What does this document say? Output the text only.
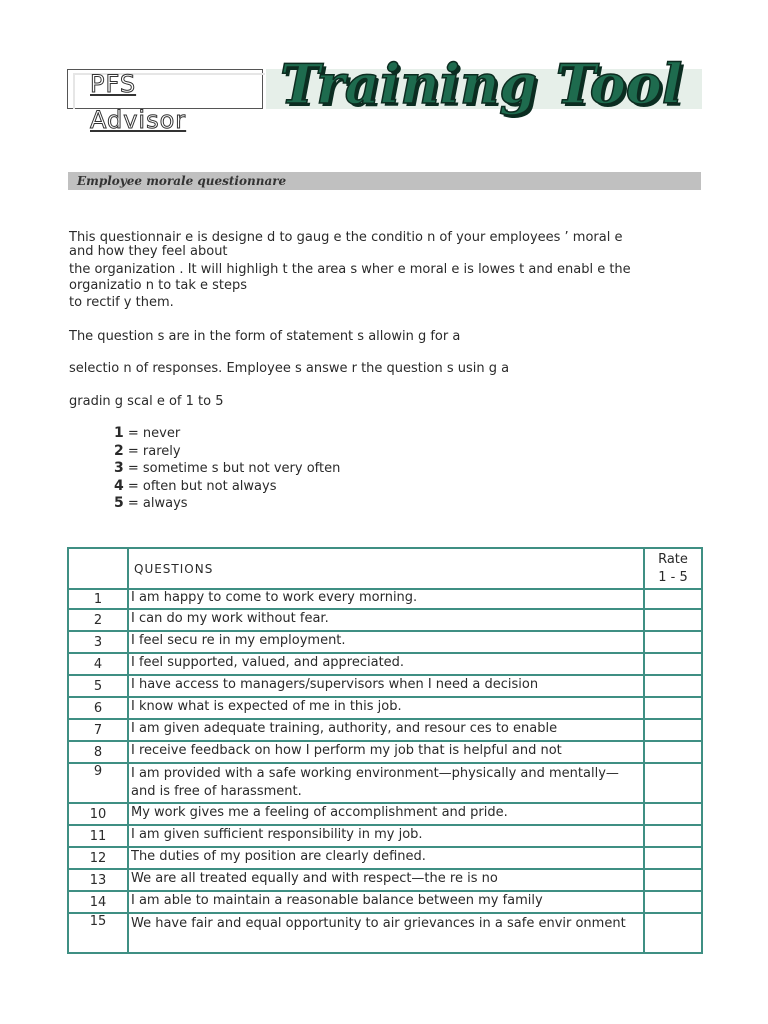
PFS
Advisor
Training Tool
Employee morale questionnare
This questionnair e is designe d to gaug e the conditio n of your employees ’ moral e
and how they feel about
the organization . It will highligh t the area s wher e moral e is lowes t and enabl e the
organizatio n to tak e steps
to rectif y them.
The question s are in the form of statement s allowin g for a
selectio n of responses. Employee s answe r the question s usin g a
gradin g scal e of 1 to 5
1 = never
2 = rarely
3 = sometime s but not very often
4 = often but not always
5 = always
	QUESTIONS	Rate
1 - 5

1	I am happy to come to work every morning.	

2	I can do my work without fear.	

3	I feel secu re in my employment.	

4	I feel supported, valued, and appreciated.	

5	I have access to managers/supervisors when I need a decision	

6	I know what is expected of me in this job.	

7	I am given adequate training, authority, and resour ces to enable	

8	I receive feedback on how I perform my job that is helpful and not	

9	I am provided with a safe working environment—physically and mentally—and is free of harassment.	

10	My work gives me a feeling of accomplishment and pride.	

11	I am given sufficient responsibility in my job.	

12	The duties of my position are clearly defined.	

13	We are all treated equally and with respect—the re is no	

14	I am able to maintain a reasonable balance between my family	

15	We have fair and equal opportunity to air grievances in a safe envir onment	
